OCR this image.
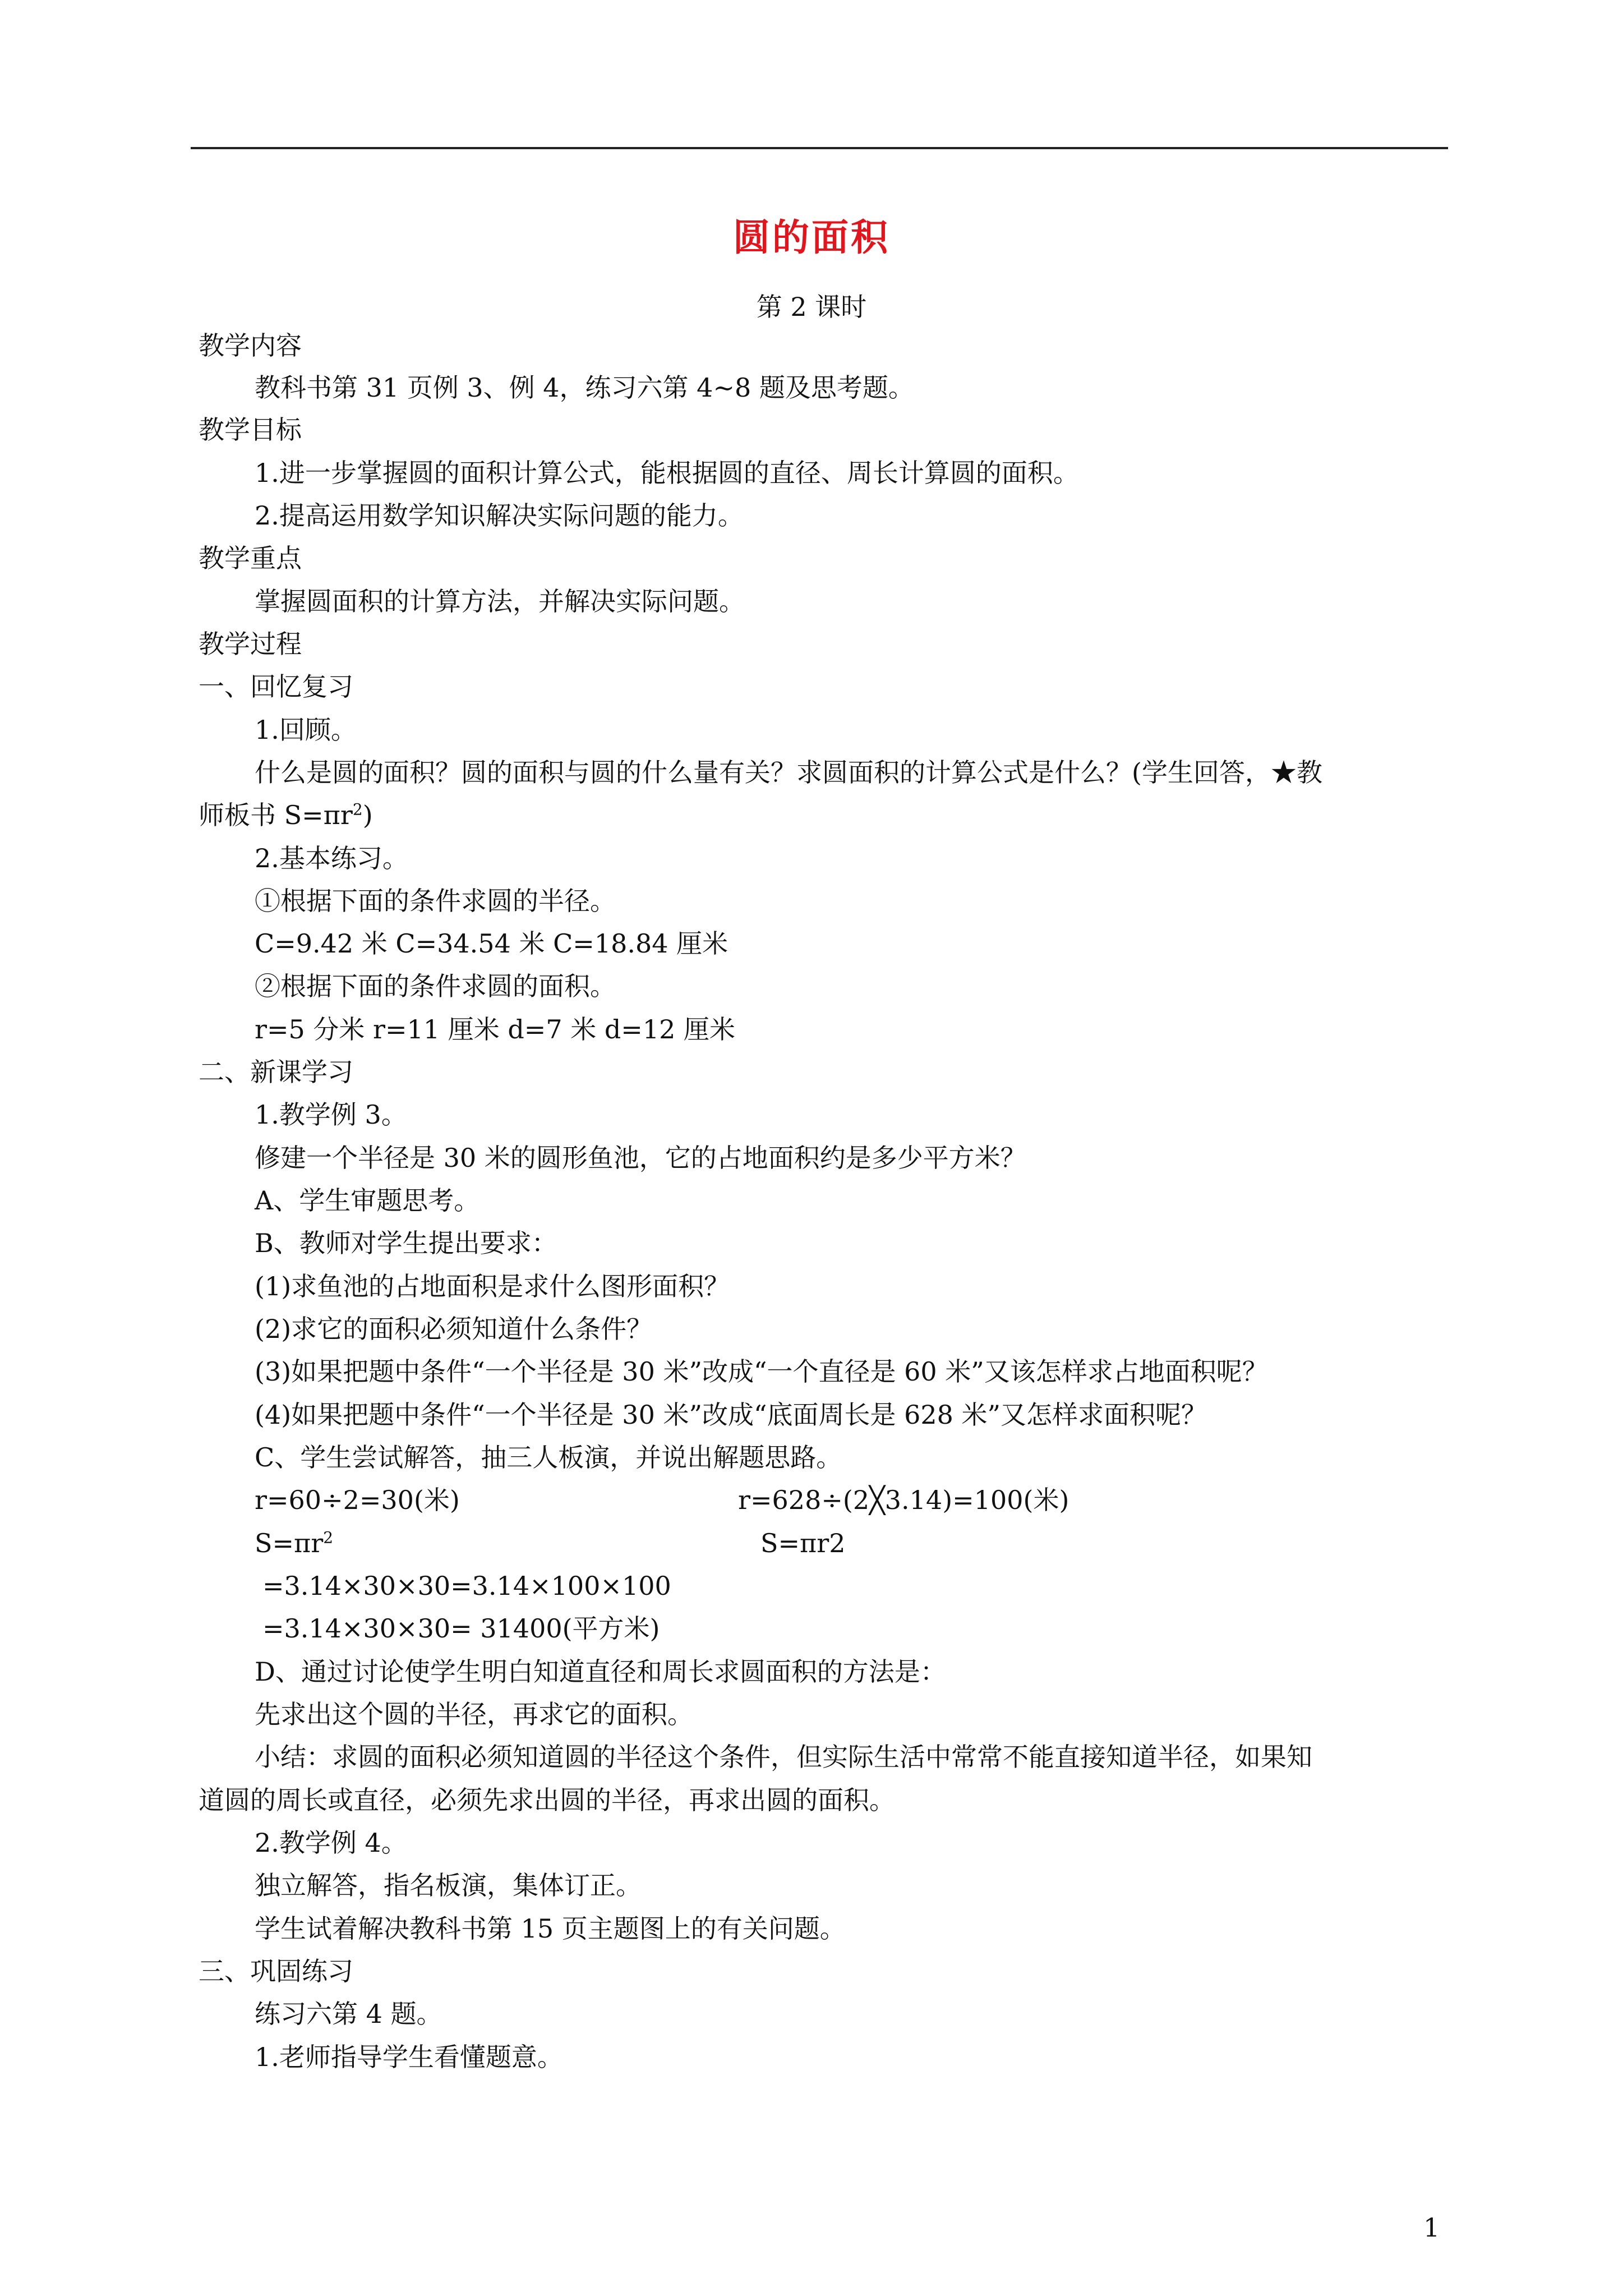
圆的面积
第 2 课时
教学内容
教科书第 31 页例 3、例 4，练习六第 4~8 题及思考题。
教学目标
1.进一步掌握圆的面积计算公式，能根据圆的直径、周长计算圆的面积。
2.提高运用数学知识解决实际问题的能力。
教学重点
掌握圆面积的计算方法，并解决实际问题。
教学过程
一、回忆复习
1.回顾。
什么是圆的面积？圆的面积与圆的什么量有关？求圆面积的计算公式是什么？(学生回答，★教
师板书 $S=\pi r^2$)
2.基本练习。
①根据下面的条件求圆的半径。
C=9.42 米 C=34.54 米 C=18.84 厘米
②根据下面的条件求圆的面积。
r=5 分米 r=11 厘米 d=7 米 d=12 厘米
二、新课学习
1.教学例 3。
修建一个半径是 30 米的圆形鱼池，它的占地面积约是多少平方米？
A、学生审题思考。
B、教师对学生提出要求：
(1)求鱼池的占地面积是求什么图形面积？
(2)求它的面积必须知道什么条件？
(3)如果把题中条件“一个半径是 30 米”改成“一个直径是 60 米”又该怎样求占地面积呢？
(4)如果把题中条件“一个半径是 30 米”改成“底面周长是 628 米”又怎样求面积呢？
C、学生尝试解答，抽三人板演，并说出解题思路。
r=60÷2=30(米)	r=628÷(2╳3.14)=100(米)
$S=\pi r^2$	S=πr2
=3.14×30×30=3.14×100×100
=3.14×30×30= 31400(平方米)
D、通过讨论使学生明白知道直径和周长求圆面积的方法是：
先求出这个圆的半径，再求它的面积。
小结：求圆的面积必须知道圆的半径这个条件，但实际生活中常常不能直接知道半径，如果知
道圆的周长或直径，必须先求出圆的半径，再求出圆的面积。
2.教学例 4。
独立解答，指名板演，集体订正。
学生试着解决教科书第 15 页主题图上的有关问题。
三、巩固练习
练习六第 4 题。
1.老师指导学生看懂题意。
1
